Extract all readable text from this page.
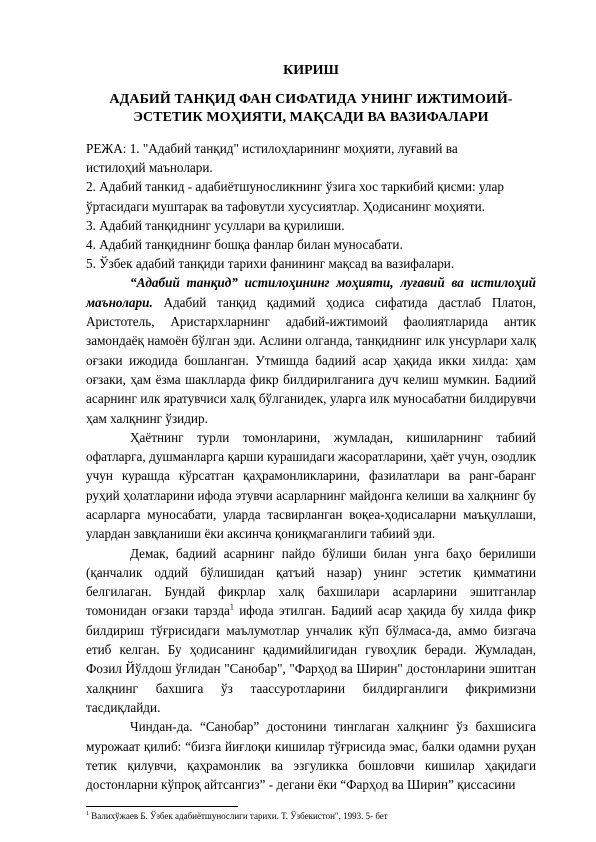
КИРИШ
АДАБИЙ ТАНҚИД ФАН СИФАТИДА УНИНГ ИЖТИМОИЙ-ЭСТЕТИК МОҲИЯТИ, МАҚСАДИ ВА ВАЗИФАЛАРИ

РЕЖА: 1. "Адабий танқид" истилоҳларининг моҳияти, луғавий ва

истилоҳий маънолари.

2. Адабий танкид - адабиётшуносликнинг ўзига хос таркибий қисми: улар

ўртасидаги муштарак ва тафовутли хусусиятлар. Ҳодисанинг моҳияти.

3. Адабий танқиднинг усуллари ва қурилиши.

4. Адабий танқиднинг бошқа фанлар билан муносабати.

5. Ўзбек адабий танқиди тарихи фанининг мақсад ва вазифалари.

“Адабий танқид” истилоҳининг моҳияти, луғавий ва истилоҳий маънолари. Адабий танқид қадимий ҳодиса сифатида дастлаб Платон, Аристотель, Аристархларнинг адабий-ижтимоий фаолиятларида антик замондаёқ намоён бўлган эди. Аслини олганда, танқиднинг илк унсурлари халқ оғзаки ижодида бошланган. Утмишда бадиий асар ҳақида икки хилда: ҳам оғзаки, ҳам ёзма шаклларда фикр билдирилганига дуч келиш мумкин. Бадиий асарнинг илк яратувчиси халқ бўлганидек, уларга илк муносабатни билдирувчи ҳам халқнинг ўзидир.

Ҳаётнинг турли томонларини, жумладан, кишиларнинг табиий офатларга, душманларга қарши курашидаги жасоратларини, ҳаёт учун, озодлик учун курашда кўрсатган қаҳрамонликларини, фазилатлари ва ранг-баранг руҳий ҳолатларини ифода этувчи асарларнинг майдонга келиши ва халқнинг бу асарларга муносабати, уларда тасвирланган воқеа-ҳодисаларни маъқуллаши, улардан завқланиши ёки аксинча қониқмаганлиги табиий эди.

Демак, бадиий асарнинг пайдо бўлиши билан унга баҳо берилиши (қанчалик оддий бўлишидан қатъий назар) унинг эстетик қимматини белгилаган. Бундай фикрлар халқ бахшилари асарларини эшитганлар томонидан оғзаки тарзда$^1$ ифода этилган. Бадиий асар ҳақида бу хилда фикр билдириш тўғрисидаги маълумотлар унчалик кўп бўлмаса-да, аммо бизгача етиб келган. Бу ҳодисанинг қадимийлигидан гувоҳлик беради. Жумладан, Фозил Йўлдош ўғлидан "Санобар", "Фарҳод ва Ширин" достонларини эшитган халқнинг бахшига ўз таассуротларини билдирганлиги фикримизни тасдиқлайди.

Чиндан-да. “Санобар” достонини тинглаган халқнинг ўз бахшисига мурожаат қилиб: “бизга йиғлоқи кишилар тўғрисида эмас, балки одамни руҳан тетик қилувчи, қаҳрамонлик ва эзгуликка бошловчи кишилар ҳақидаги достонларни кўпроқ айтсангиз” - дегани ёки “Фарҳод ва Ширин” қиссасини

$^1$ Валихўжаев Б. Ўзбек адабиётшунослиги тарихи. Т. Ўзбекистон", 1993. 5- бет
